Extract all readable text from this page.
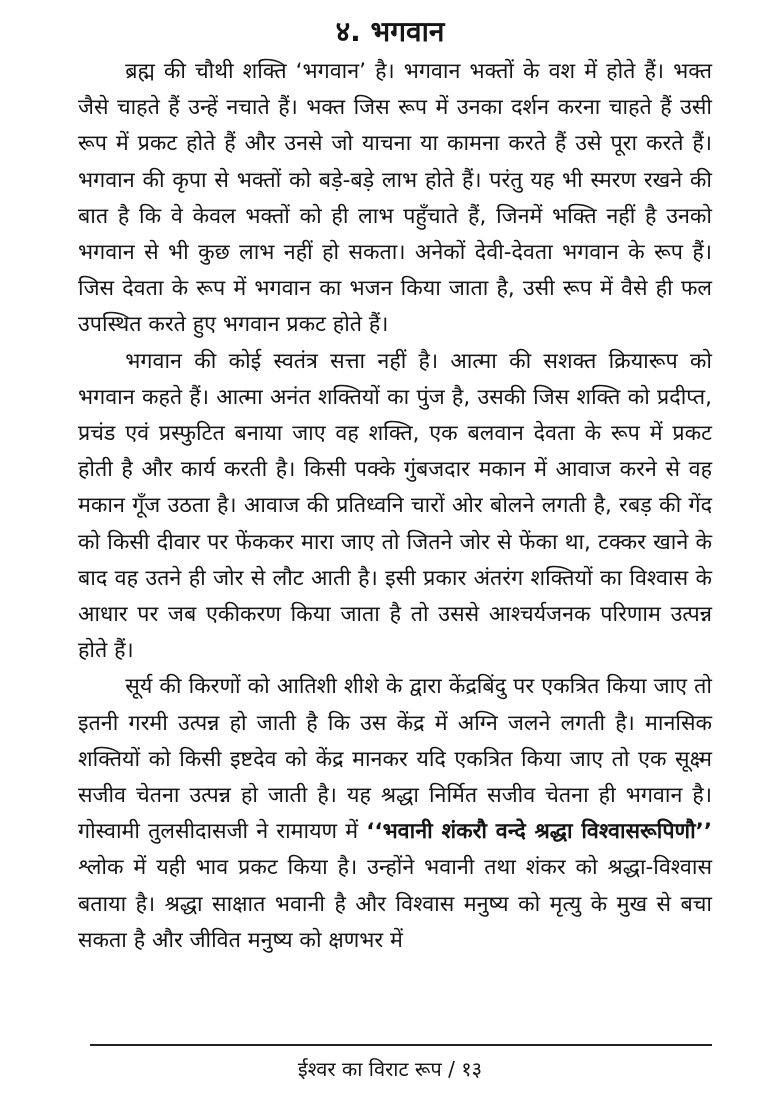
४. भगवान

ब्रह्म की चौथी शक्ति ‘भगवान’ है। भगवान भक्तों के वश में होते हैं। भक्त जैसे चाहते हैं उन्हें नचाते हैं। भक्त जिस रूप में उनका दर्शन करना चाहते हैं उसी रूप में प्रकट होते हैं और उनसे जो याचना या कामना करते हैं उसे पूरा करते हैं। भगवान की कृपा से भक्तों को बड़े-बड़े लाभ होते हैं। परंतु यह भी स्मरण रखने की बात है कि वे केवल भक्तों को ही लाभ पहुँचाते हैं, जिनमें भक्ति नहीं है उनको भगवान से भी कुछ लाभ नहीं हो सकता। अनेकों देवी-देवता भगवान के रूप हैं। जिस देवता के रूप में भगवान का भजन किया जाता है, उसी रूप में वैसे ही फल उपस्थित करते हुए भगवान प्रकट होते हैं।

भगवान की कोई स्वतंत्र सत्ता नहीं है। आत्मा की सशक्त क्रियारूप को भगवान कहते हैं। आत्मा अनंत शक्तियों का पुंज है, उसकी जिस शक्ति को प्रदीप्त, प्रचंड एवं प्रस्फुटित बनाया जाए वह शक्ति, एक बलवान देवता के रूप में प्रकट होती है और कार्य करती है। किसी पक्के गुंबजदार मकान में आवाज करने से वह मकान गूँज उठता है। आवाज की प्रतिध्वनि चारों ओर बोलने लगती है, रबड़ की गेंद को किसी दीवार पर फेंककर मारा जाए तो जितने जोर से फेंका था, टक्कर खाने के बाद वह उतने ही जोर से लौट आती है। इसी प्रकार अंतरंग शक्तियों का विश्वास के आधार पर जब एकीकरण किया जाता है तो उससे आश्चर्यजनक परिणाम उत्पन्न होते हैं।

सूर्य की किरणों को आतिशी शीशे के द्वारा केंद्रबिंदु पर एकत्रित किया जाए तो इतनी गरमी उत्पन्न हो जाती है कि उस केंद्र में अग्नि जलने लगती है। मानसिक शक्तियों को किसी इष्टदेव को केंद्र मानकर यदि एकत्रित किया जाए तो एक सूक्ष्म सजीव चेतना उत्पन्न हो जाती है। यह श्रद्धा निर्मित सजीव चेतना ही भगवान है। गोस्वामी तुलसीदासजी ने रामायण में ‘‘भवानी शंकरौ वन्दे श्रद्धा विश्वासरूपिणौ’’ श्लोक में यही भाव प्रकट किया है। उन्होंने भवानी तथा शंकर को श्रद्धा-विश्वास बताया है। श्रद्धा साक्षात भवानी है और विश्वास मनुष्य को मृत्यु के मुख से बचा सकता है और जीवित मनुष्य को क्षणभर में

ईश्वर का विराट रूप / १३
